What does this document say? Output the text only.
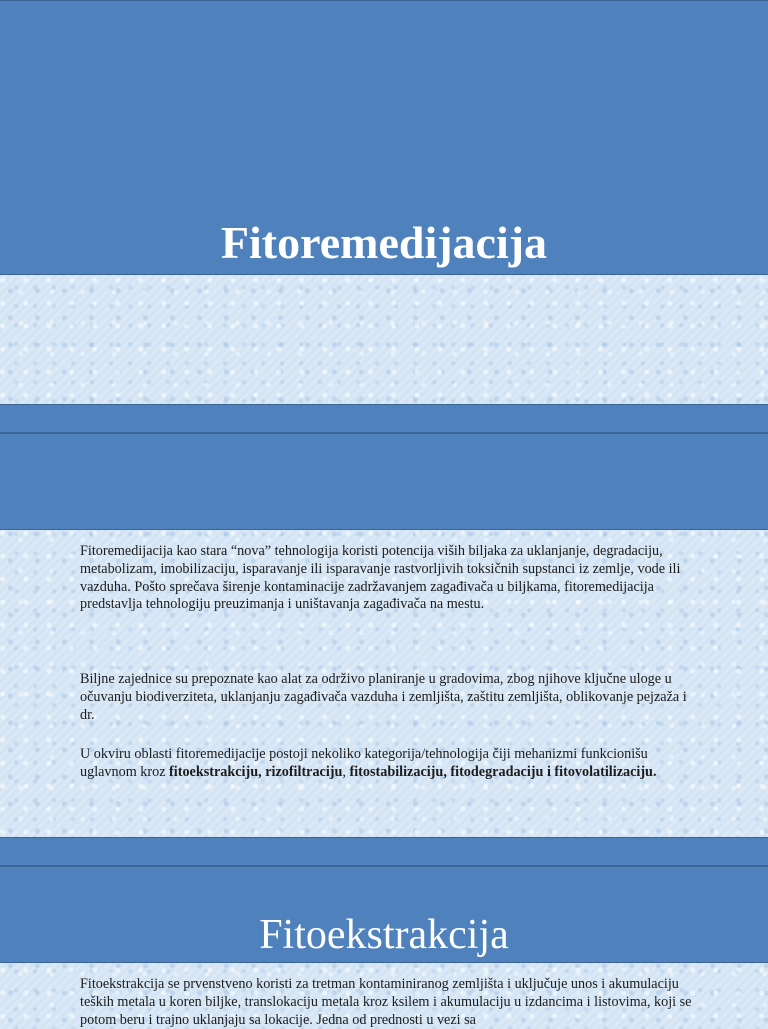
Fitoremedijacija

Fitoremedijacija kao stara “nova” tehnologija koristi potencija viših biljaka za uklanjanje, degradaciju, metabolizam, imobilizaciju, isparavanje ili isparavanje rastvorljivih toksičnih supstanci iz zemlje, vode ili vazduha. Pošto sprečava širenje kontaminacije zadržavanjem zagađivača u biljkama, fitoremedijacija predstavlja tehnologiju preuzimanja i uništavanja zagađivača na mestu.

Biljne zajednice su prepoznate kao alat za održivo planiranje u gradovima, zbog njihove ključne uloge u očuvanju biodiverziteta, uklanjanju zagađivača vazduha i zemljišta, zaštitu zemljišta, oblikovanje pejzaža i dr.

U okviru oblasti fitoremedijacije postoji nekoliko kategorija/tehnologija čiji mehanizmi funkcionišu uglavnom kroz fitoekstrakciju, rizofiltraciju, fitostabilizaciju, fitodegradaciju i fitovolatilizaciju.

Fitoekstrakcija

Fitoekstrakcija se prvenstveno koristi za tretman kontaminiranog zemljišta i uključuje unos i akumulaciju teških metala u koren biljke, translokaciju metala kroz ksilem i akumulaciju u izdancima i listovima, koji se potom beru i trajno uklanjaju sa lokacije. Jedna od prednosti u vezi sa
